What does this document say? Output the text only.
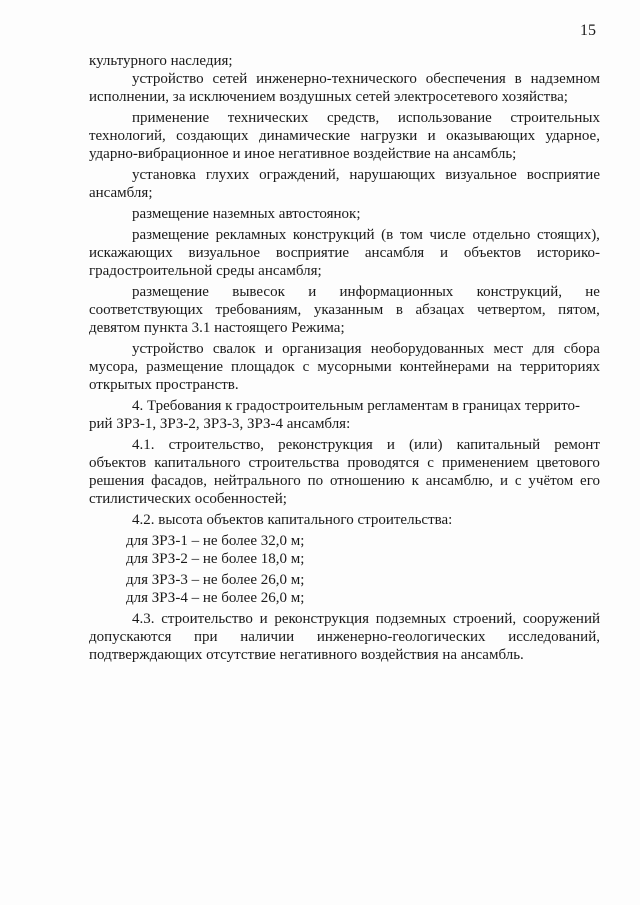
15
культурного наследия;
устройство сетей инженерно-технического обеспечения в надземном
исполнении, за исключением воздушных сетей электросетевого хозяйства;
применение технических средств, использование строительных
технологий, создающих динамические нагрузки и оказывающих ударное,
ударно-вибрационное и иное негативное воздействие на ансамбль;
установка глухих ограждений, нарушающих визуальное восприятие
ансамбля;
размещение наземных автостоянок;
размещение рекламных конструкций (в том числе отдельно стоящих),
искажающих визуальное восприятие ансамбля и объектов историко-
градостроительной среды ансамбля;
размещение вывесок и информационных конструкций, не
соответствующих требованиям, указанным в абзацах четвертом, пятом,
девятом пункта 3.1 настоящего Режима;
устройство свалок и организация необорудованных мест для сбора
мусора, размещение площадок с мусорными контейнерами на территориях
открытых пространств.
4. Требования к градостроительным регламентам в границах террито-
рий ЗРЗ-1, ЗРЗ-2, ЗРЗ-3, ЗРЗ-4 ансамбля:
4.1. строительство, реконструкция и (или) капитальный ремонт
объектов капитального строительства проводятся с применением цветового
решения фасадов, нейтрального по отношению к ансамблю, и с учётом его
стилистических особенностей;
4.2. высота объектов капитального строительства:
для ЗРЗ-1 – не более 32,0 м;
для ЗРЗ-2 – не более 18,0 м;
для ЗРЗ-3 – не более 26,0 м;
для ЗРЗ-4 – не более 26,0 м;
4.3. строительство и реконструкция подземных строений, сооружений
допускаются при наличии инженерно-геологических исследований,
подтверждающих отсутствие негативного воздействия на ансамбль.
